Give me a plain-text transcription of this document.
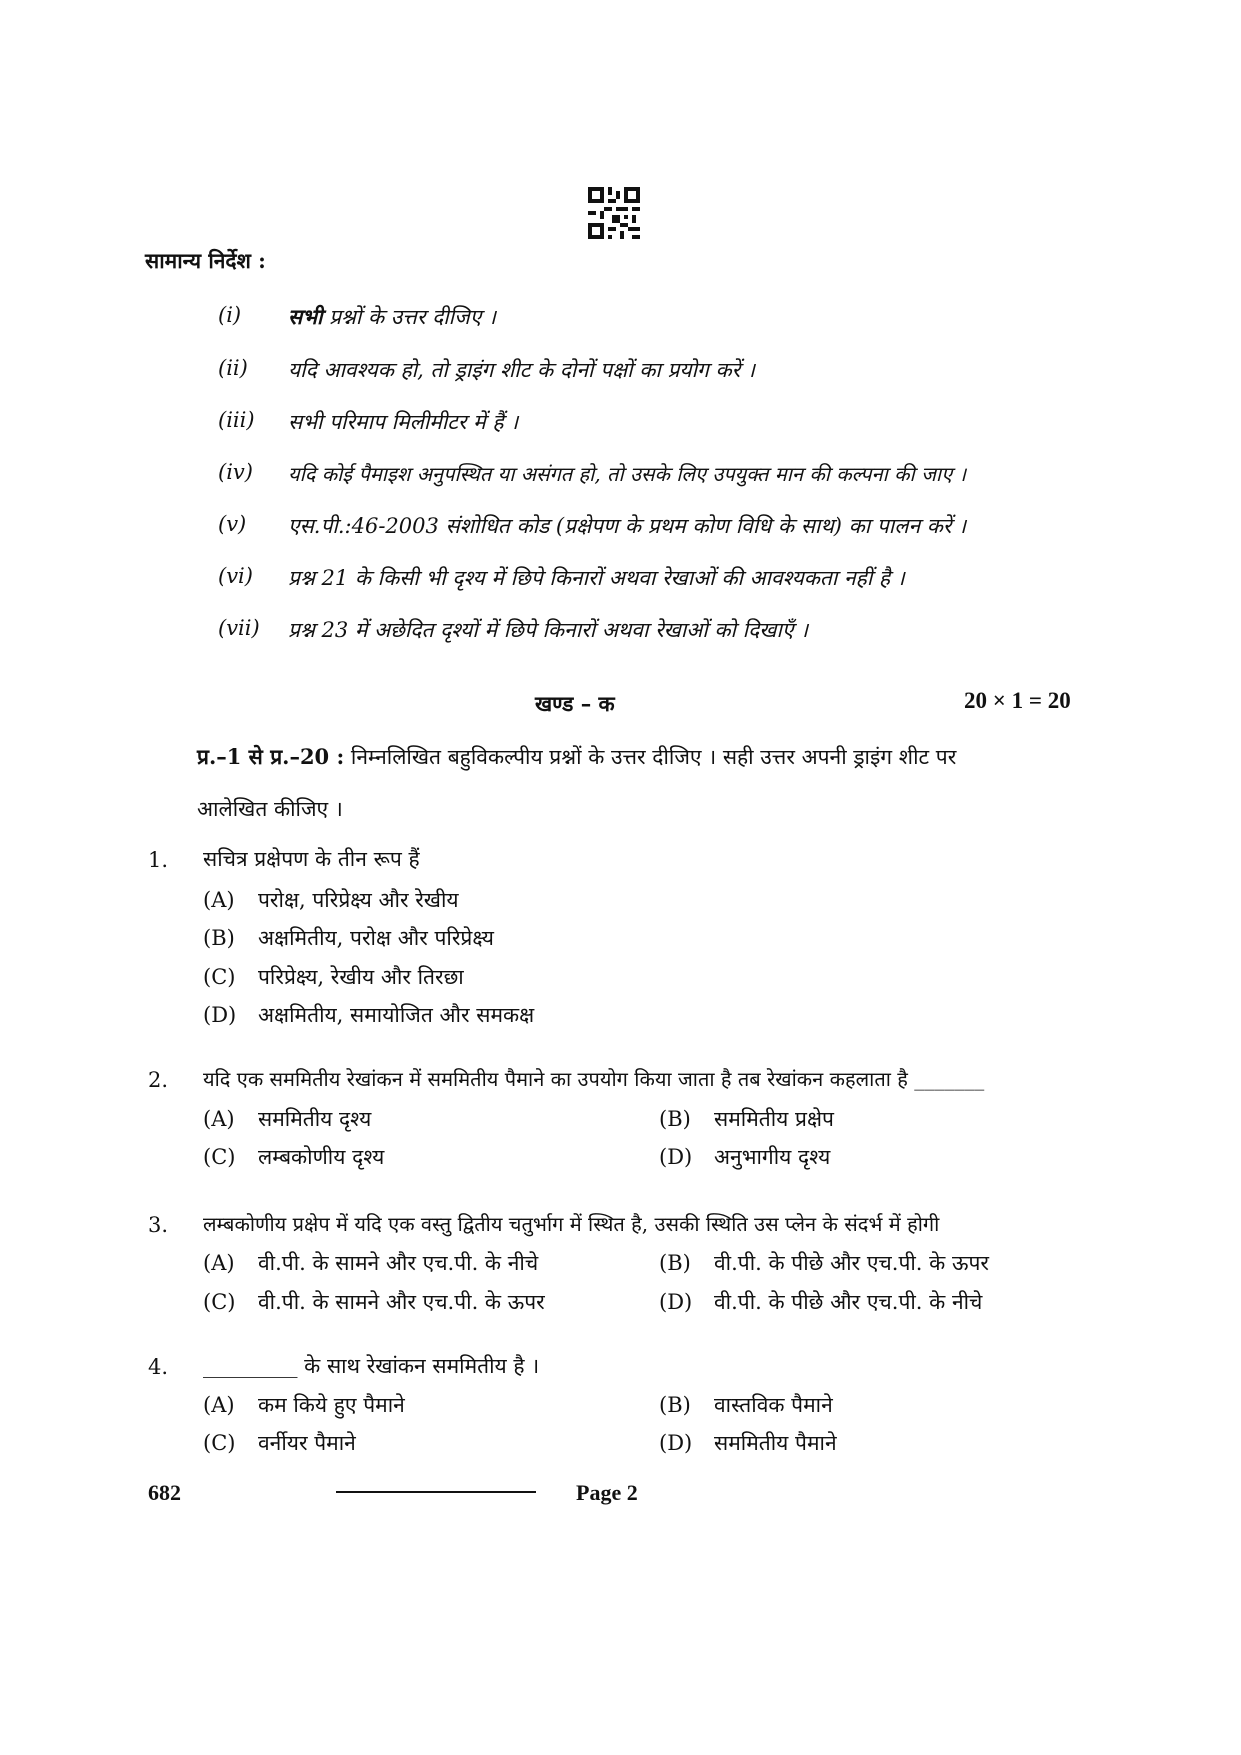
सामान्य निर्देश :
(i)	सभी प्रश्नों के उत्तर दीजिए ।
(ii)	यदि आवश्यक हो, तो ड्राइंग शीट के दोनों पक्षों का प्रयोग करें ।
(iii)	सभी परिमाप मिलीमीटर में हैं ।
(iv)	यदि कोई पैमाइश अनुपस्थित या असंगत हो, तो उसके लिए उपयुक्त मान की कल्पना की जाए ।
(v)	एस.पी.:46-2003 संशोधित कोड (प्रक्षेपण के प्रथम कोण विधि के साथ) का पालन करें ।
(vi)	प्रश्न 21 के किसी भी दृश्य में छिपे किनारों अथवा रेखाओं की आवश्यकता नहीं है ।
(vii)	प्रश्न 23 में अछेदित दृश्यों में छिपे किनारों अथवा रेखाओं को दिखाएँ ।
खण्ड – क	20 × 1 = 20
प्र.–1 से प्र.–20 : निम्नलिखित बहुविकल्पीय प्रश्नों के उत्तर दीजिए । सही उत्तर अपनी ड्राइंग शीट पर
आलेखित कीजिए ।
1. सचित्र प्रक्षेपण के तीन रूप हैं
(A) परोक्ष, परिप्रेक्ष्य और रेखीय
(B) अक्षमितीय, परोक्ष और परिप्रेक्ष्य
(C) परिप्रेक्ष्य, रेखीय और तिरछा
(D) अक्षमितीय, समायोजित और समकक्ष
2. यदि एक सममितीय रेखांकन में सममितीय पैमाने का उपयोग किया जाता है तब रेखांकन कहलाता है _______
(A) सममितीय दृश्य	(B) सममितीय प्रक्षेप
(C) लम्बकोणीय दृश्य	(D) अनुभागीय दृश्य
3. लम्बकोणीय प्रक्षेप में यदि एक वस्तु द्वितीय चतुर्भाग में स्थित है, उसकी स्थिति उस प्लेन के संदर्भ में होगी
(A) वी.पी. के सामने और एच.पी. के नीचे	(B) वी.पी. के पीछे और एच.पी. के ऊपर
(C) वी.पी. के सामने और एच.पी. के ऊपर	(D) वी.पी. के पीछे और एच.पी. के नीचे
4. _________ के साथ रेखांकन सममितीय है ।
(A) कम किये हुए पैमाने	(B) वास्तविक पैमाने
(C) वर्नीयर पैमाने	(D) सममितीय पैमाने
682	Page 2
